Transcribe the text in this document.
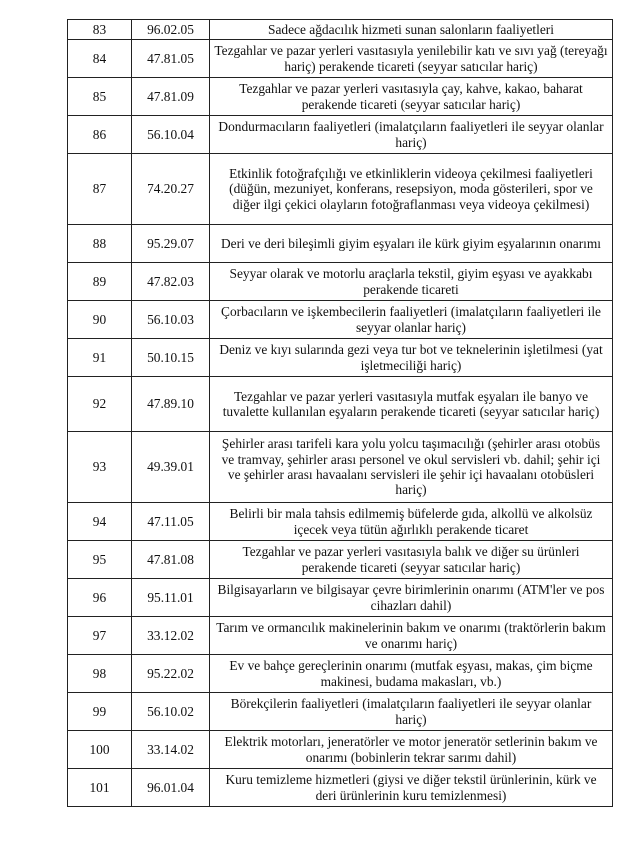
83	96.02.05	Sadece ağdacılık hizmeti sunan salonların faaliyetleri
84	47.81.05	Tezgahlar ve pazar yerleri vasıtasıyla yenilebilir katı ve sıvı yağ (tereyağı hariç) perakende ticareti (seyyar satıcılar hariç)
85	47.81.09	Tezgahlar ve pazar yerleri vasıtasıyla çay, kahve, kakao, baharat perakende ticareti (seyyar satıcılar hariç)
86	56.10.04	Dondurmacıların faaliyetleri (imalatçıların faaliyetleri ile seyyar olanlar hariç)
87	74.20.27	Etkinlik fotoğrafçılığı ve etkinliklerin videoya çekilmesi faaliyetleri (düğün, mezuniyet, konferans, resepsiyon, moda gösterileri, spor ve diğer ilgi çekici olayların fotoğraflanması veya videoya çekilmesi)
88	95.29.07	Deri ve deri bileşimli giyim eşyaları ile kürk giyim eşyalarının onarımı
89	47.82.03	Seyyar olarak ve motorlu araçlarla tekstil, giyim eşyası ve ayakkabı perakende ticareti
90	56.10.03	Çorbacıların ve işkembecilerin faaliyetleri (imalatçıların faaliyetleri ile seyyar olanlar hariç)
91	50.10.15	Deniz ve kıyı sularında gezi veya tur bot ve teknelerinin işletilmesi (yat işletmeciliği hariç)
92	47.89.10	Tezgahlar ve pazar yerleri vasıtasıyla mutfak eşyaları ile banyo ve tuvalette kullanılan eşyaların perakende ticareti (seyyar satıcılar hariç)
93	49.39.01	Şehirler arası tarifeli kara yolu yolcu taşımacılığı (şehirler arası otobüs ve tramvay, şehirler arası personel ve okul servisleri vb. dahil; şehir içi ve şehirler arası havaalanı servisleri ile şehir içi havaalanı otobüsleri hariç)
94	47.11.05	Belirli bir mala tahsis edilmemiş büfelerde gıda, alkollü ve alkolsüz içecek veya tütün ağırlıklı perakende ticaret
95	47.81.08	Tezgahlar ve pazar yerleri vasıtasıyla balık ve diğer su ürünleri perakende ticareti (seyyar satıcılar hariç)
96	95.11.01	Bilgisayarların ve bilgisayar çevre birimlerinin onarımı (ATM'ler ve pos cihazları dahil)
97	33.12.02	Tarım ve ormancılık makinelerinin bakım ve onarımı (traktörlerin bakım ve onarımı hariç)
98	95.22.02	Ev ve bahçe gereçlerinin onarımı (mutfak eşyası, makas, çim biçme makinesi, budama makasları, vb.)
99	56.10.02	Börekçilerin faaliyetleri (imalatçıların faaliyetleri ile seyyar olanlar hariç)
100	33.14.02	Elektrik motorları, jeneratörler ve motor jeneratör setlerinin bakım ve onarımı (bobinlerin tekrar sarımı dahil)
101	96.01.04	Kuru temizleme hizmetleri (giysi ve diğer tekstil ürünlerinin, kürk ve deri ürünlerinin kuru temizlenmesi)
